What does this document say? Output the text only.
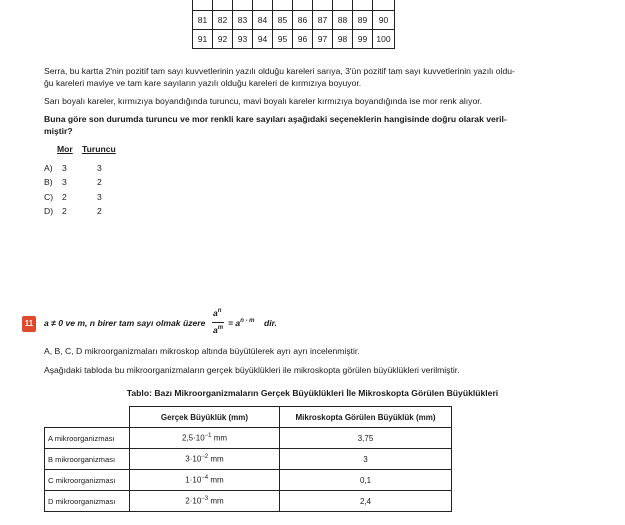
81	82	83	84	85	86	87	88	89	90
91	92	93	94	95	96	97	98	99	100

Serra, bu kartta 2'nin pozitif tam sayı kuvvetlerinin yazılı olduğu kareleri sarıya, 3'ün pozitif tam sayı kuvvetlerinin yazılı oldu-
ğu kareleri maviye ve tam kare sayıların yazılı olduğu kareleri de kırmızıya boyuyor.

Sarı boyalı kareler, kırmızıya boyandığında turuncu, mavi boyalı kareler kırmızıya boyandığında ise mor renk alıyor.

Buna göre son durumda turuncu ve mor renkli kare sayıları aşağıdaki seçeneklerin hangisinde doğru olarak veril-
miştir?

Mor Turuncu
A) 3	3
B) 3	2
C) 2	3
D) 2	2
11	a ≠ 0 ve m, n birer tam sayı olmak üzere
$a^n$
$a^m$
= $a^{n - m}$ dir.

A, B, C, D mikroorganizmaları mikroskop altında büyütülerek ayrı ayrı incelenmiştir.

Aşağıdaki tabloda bu mikroorganizmaların gerçek büyüklükleri ile mikroskopta görülen büyüklükleri verilmiştir.

Tablo: Bazı Mikroorganizmaların Gerçek Büyüklükleri İle Mikroskopta Görülen Büyüklükleri
	Gerçek Büyüklük (mm)	Mikroskopta Görülen Büyüklük (mm)
A mikroorganizması	$2,5\cdot 10^{-1}$ mm	3,75
B mikroorganizması	$3\cdot 10^{-2}$ mm	3
C mikroorganizması	$1\cdot 10^{-4}$ mm	0,1
D mikroorganizması	$2\cdot 10^{-3}$ mm	2,4
